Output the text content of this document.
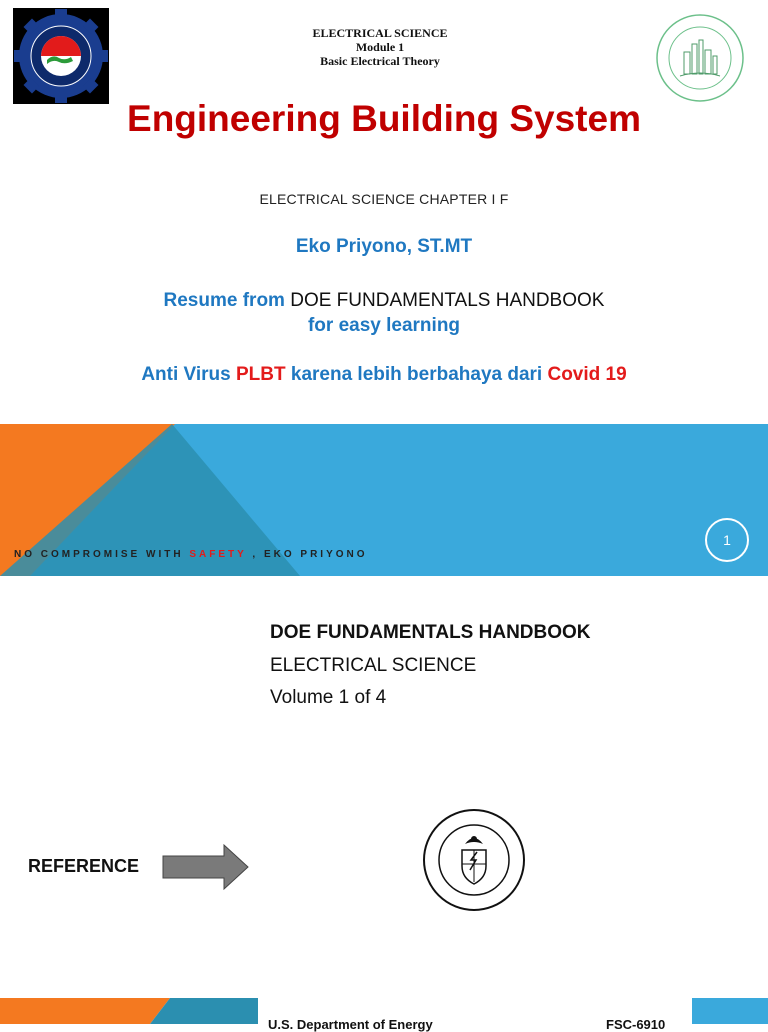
ELECTRICAL SCIENCE
Module 1
Basic Electrical Theory
Engineering Building System
ELECTRICAL SCIENCE CHAPTER I F
Eko Priyono, ST.MT
Resume from DOE FUNDAMENTALS HANDBOOK
for easy learning
Anti Virus PLBT karena lebih berbahaya dari Covid 19
NO COMPROMISE WITH SAFETY , EKO PRIYONO
1
DOE FUNDAMENTALS HANDBOOK
ELECTRICAL SCIENCE
Volume 1 of 4
REFERENCE
U.S. Department of Energy	FSC-6910
